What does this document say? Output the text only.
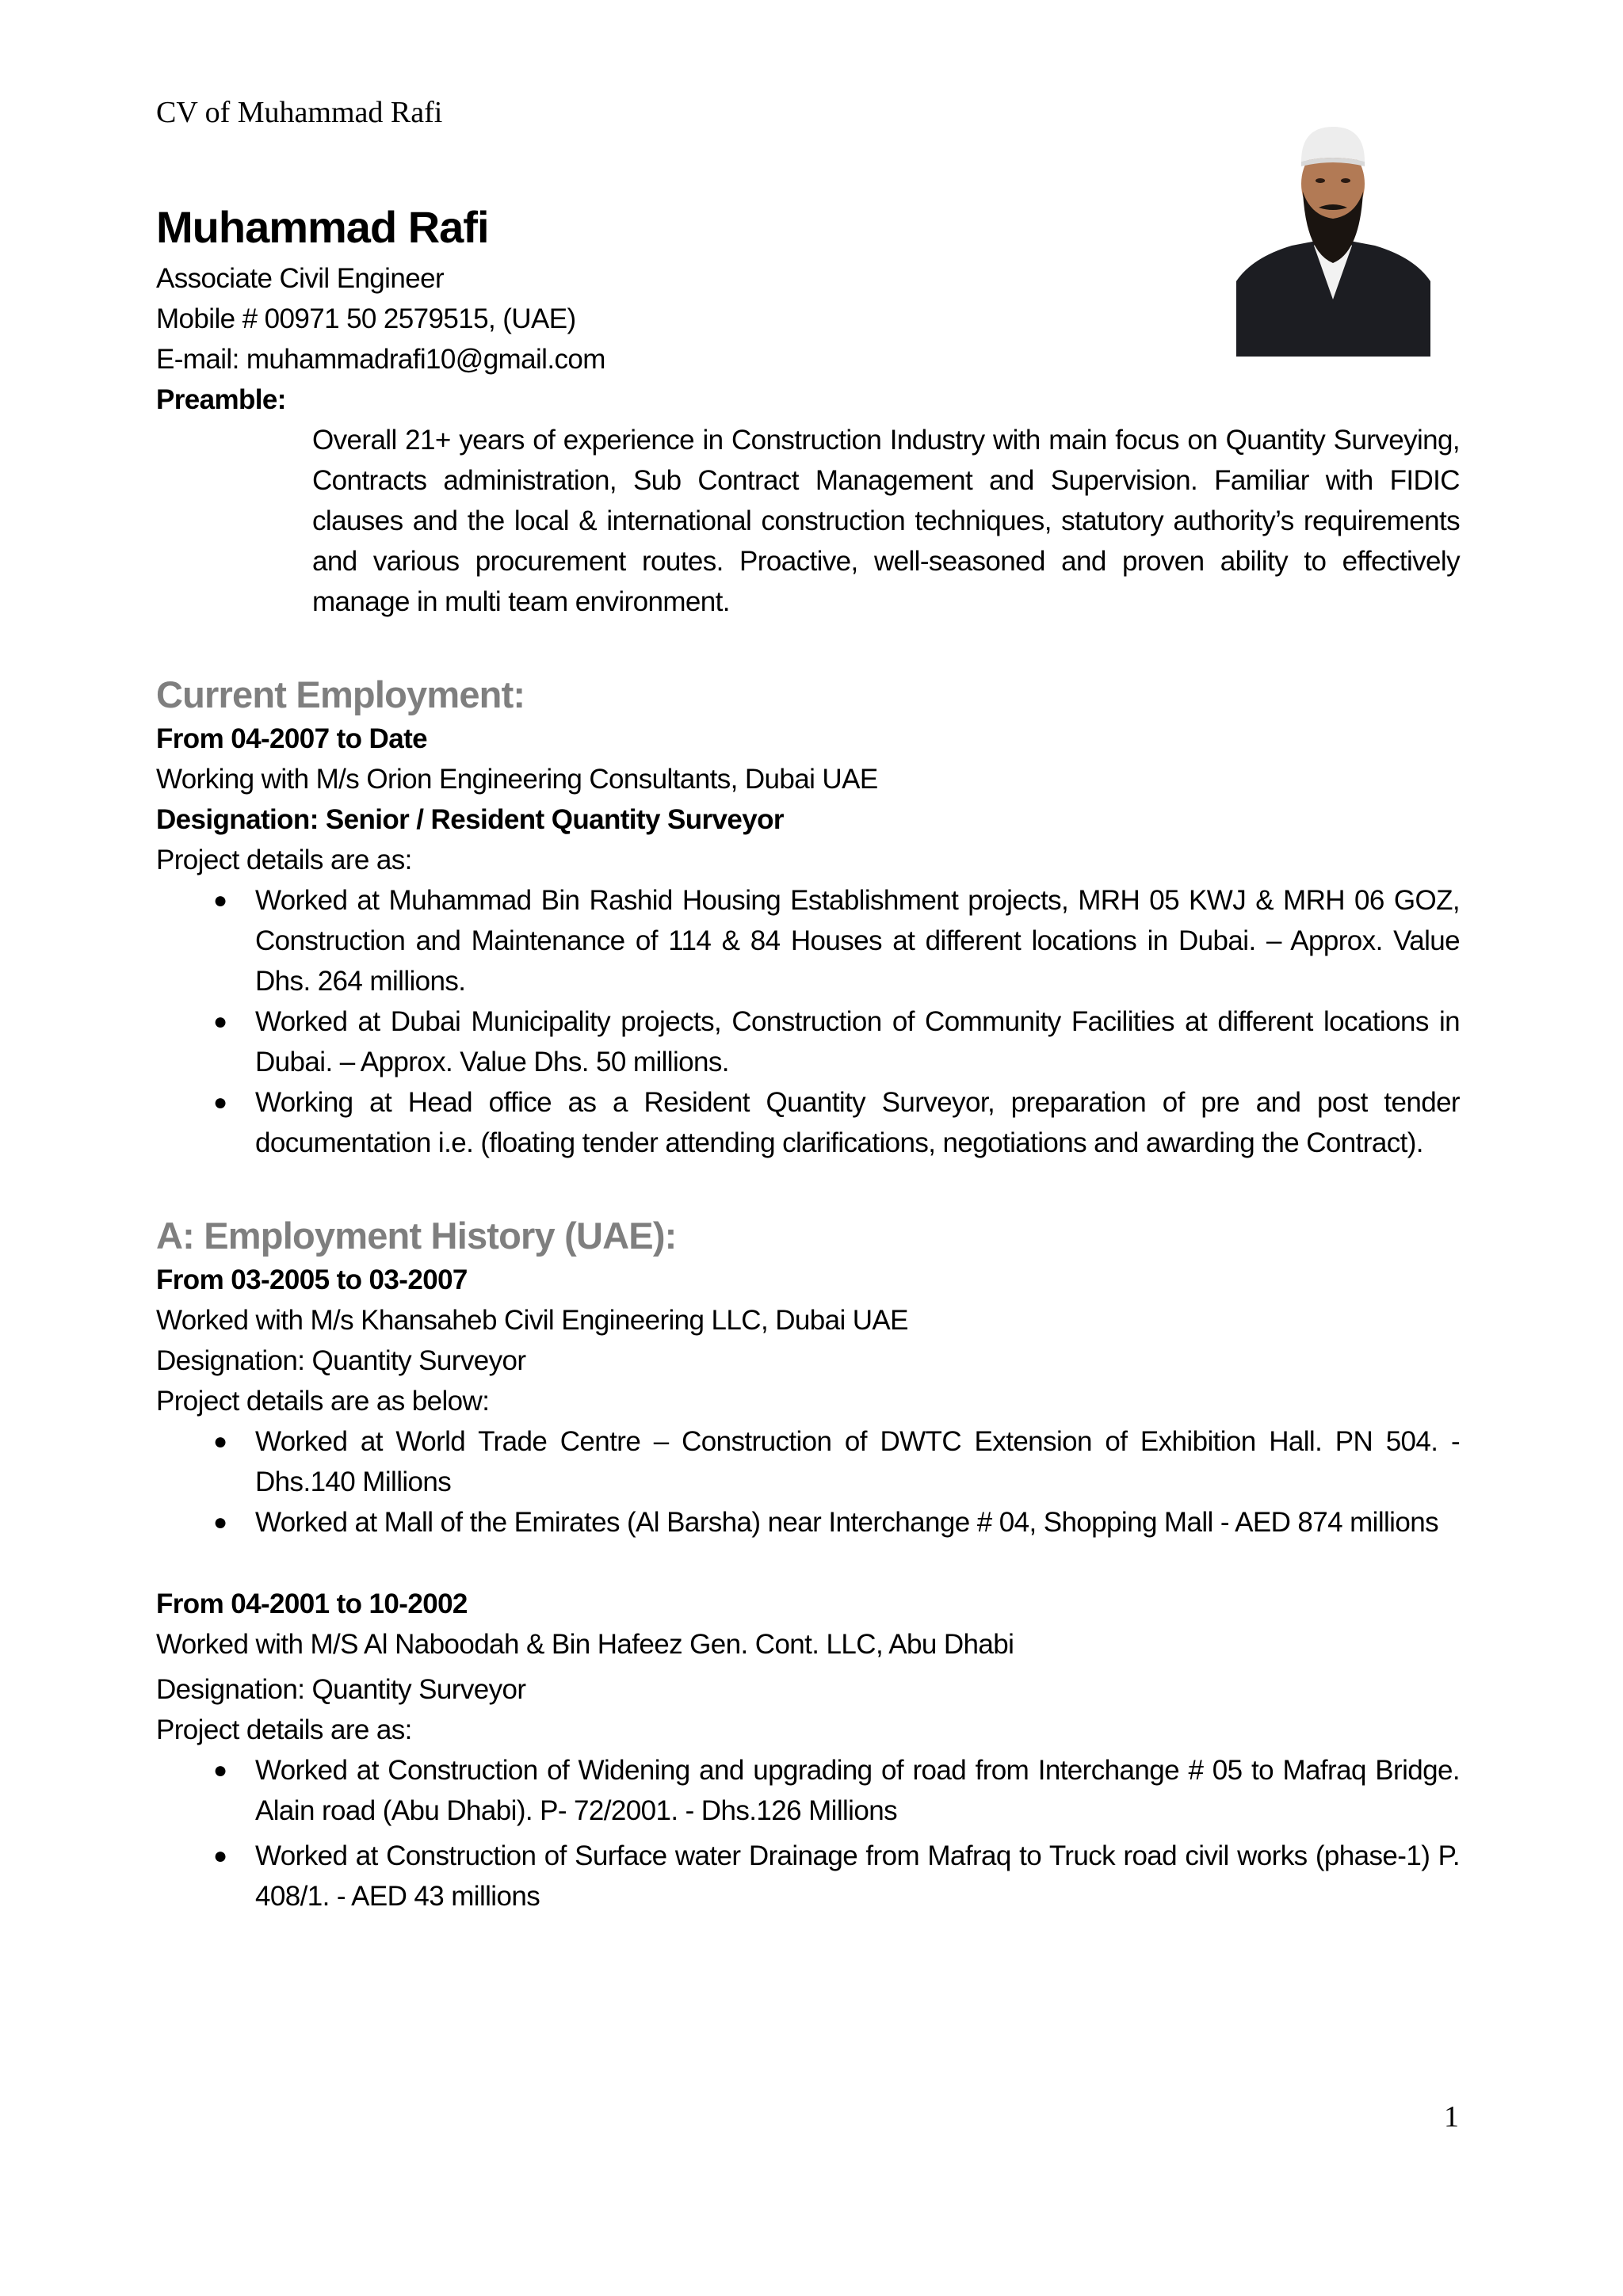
CV of Muhammad Rafi
Muhammad Rafi

Associate Civil Engineer

Mobile # 00971 50 2579515, (UAE)

E-mail: muhammadrafi10@gmail.com

Preamble:

Overall 21+ years of experience in Construction Industry with main focus on Quantity Surveying, Contracts administration, Sub Contract Management and Supervision. Familiar with FIDIC clauses and the local & international construction techniques, statutory authority’s requirements and various procurement routes. Proactive, well-seasoned and proven ability to effectively manage in multi team environment.

Current Employment:

From 04-2007 to Date

Working with M/s Orion Engineering Consultants, Dubai UAE

Designation: Senior / Resident Quantity Surveyor

Project details are as:

● Worked at Muhammad Bin Rashid Housing Establishment projects, MRH 05 KWJ & MRH 06 GOZ, Construction and Maintenance of 114 & 84 Houses at different locations in Dubai. – Approx. Value Dhs. 264 millions.
● Worked at Dubai Municipality projects, Construction of Community Facilities at different locations in Dubai. – Approx. Value Dhs. 50 millions.
● Working at Head office as a Resident Quantity Surveyor, preparation of pre and post tender documentation i.e. (floating tender attending clarifications, negotiations and awarding the Contract).
A: Employment History (UAE):

From 03-2005 to 03-2007

Worked with M/s Khansaheb Civil Engineering LLC, Dubai UAE

Designation: Quantity Surveyor

Project details are as below:

● Worked at World Trade Centre – Construction of DWTC Extension of Exhibition Hall. PN 504. - Dhs.140 Millions
● Worked at Mall of the Emirates (Al Barsha) near Interchange # 04, Shopping Mall - AED 874 millions

From 04-2001 to 10-2002

Worked with M/S Al Naboodah & Bin Hafeez Gen. Cont. LLC, Abu Dhabi

Designation: Quantity Surveyor

Project details are as:

● Worked at Construction of Widening and upgrading of road from Interchange # 05 to Mafraq Bridge. Alain road (Abu Dhabi). P- 72/2001. - Dhs.126 Millions
● Worked at Construction of Surface water Drainage from Mafraq to Truck road civil works (phase-1) P. 408/1. - AED 43 millions
1
